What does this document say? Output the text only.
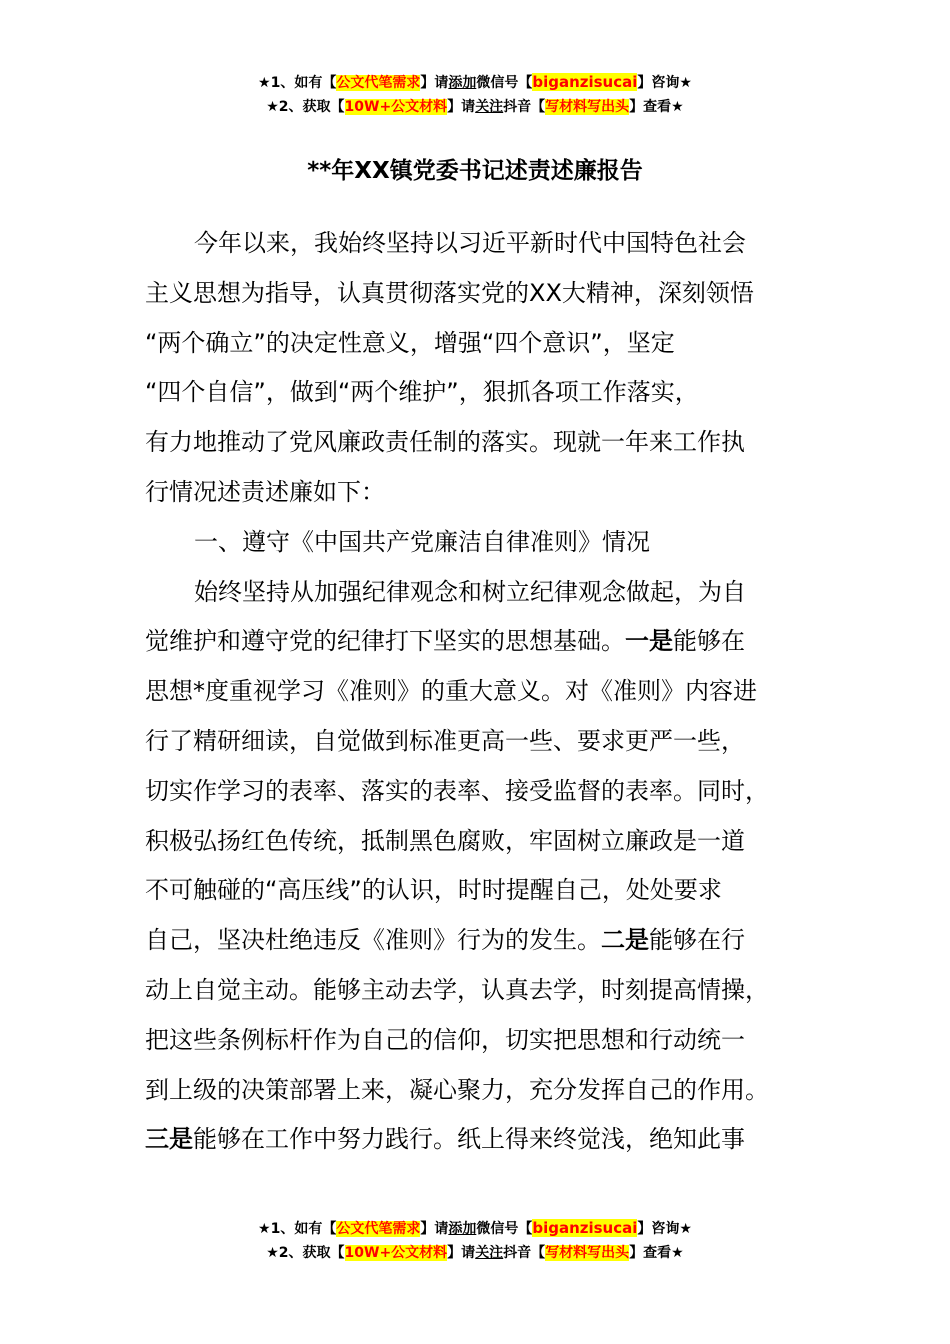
★1、如有【公文代笔需求】请添加微信号【biganzisucai】咨询★
★2、获取【10W+公文材料】请关注抖音【写材料写出头】查看★
**年XX镇党委书记述责述廉报告
今年以来，我始终坚持以习近平新时代中国特色社会
主义思想为指导，认真贯彻落实党的XX大精神，深刻领悟
“两个确立”的决定性意义，增强“四个意识”，坚定
“四个自信”，做到“两个维护”，狠抓各项工作落实，
有力地推动了党风廉政责任制的落实。现就一年来工作执
行情况述责述廉如下：
一、遵守《中国共产党廉洁自律准则》情况
始终坚持从加强纪律观念和树立纪律观念做起，为自
觉维护和遵守党的纪律打下坚实的思想基础。一是能够在
思想*度重视学习《准则》的重大意义。对《准则》内容进
行了精研细读，自觉做到标准更高一些、要求更严一些，
切实作学习的表率、落实的表率、接受监督的表率。同时，
积极弘扬红色传统，抵制黑色腐败，牢固树立廉政是一道
不可触碰的“高压线”的认识，时时提醒自己，处处要求
自己，坚决杜绝违反《准则》行为的发生。二是能够在行
动上自觉主动。能够主动去学，认真去学，时刻提高情操，
把这些条例标杆作为自己的信仰，切实把思想和行动统一
到上级的决策部署上来，凝心聚力，充分发挥自己的作用。
三是能够在工作中努力践行。纸上得来终觉浅，绝知此事
★1、如有【公文代笔需求】请添加微信号【biganzisucai】咨询★
★2、获取【10W+公文材料】请关注抖音【写材料写出头】查看★
